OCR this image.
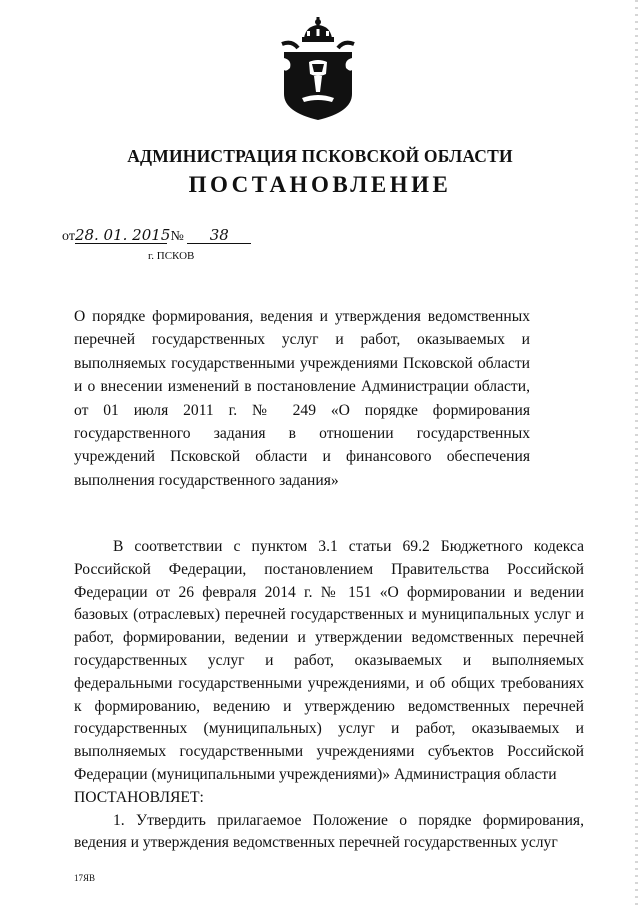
АДМИНИСТРАЦИЯ ПСКОВСКОЙ ОБЛАСТИ
ПОСТАНОВЛЕНИЕ
от28. 01. 2015 № 38
г. ПСКОВ
О порядке формирования, ведения и утверждения ведомственных перечней государственных услуг и работ, оказываемых и выполняемых государственными учреждениями Псковской области и о внесении изменений в постановление Администрации области, от 01 июля 2011 г. № 249 «О порядке формирования государственного задания в отношении государственных учреждений Псковской области и финансового обеспечения выполнения государственного задания»

В соответствии с пунктом 3.1 статьи 69.2 Бюджетного кодекса Российской Федерации, постановлением Правительства Российской Федерации от 26 февраля 2014 г. № 151 «О формировании и ведении базовых (отраслевых) перечней государственных и муниципальных услуг и работ, формировании, ведении и утверждении ведомственных перечней государственных услуг и работ, оказываемых и выполняемых федеральными государственными учреждениями, и об общих требованиях к формированию, ведению и утверждению ведомственных перечней государственных (муниципальных) услуг и работ, оказываемых и выполняемых государственными учреждениями субъектов Российской Федерации (муниципальными учреждениями)» Администрация области

ПОСТАНОВЛЯЕТ:

1. Утвердить прилагаемое Положение о порядке формирования, ведения и утверждения ведомственных перечней государственных услуг

17ЯВ
